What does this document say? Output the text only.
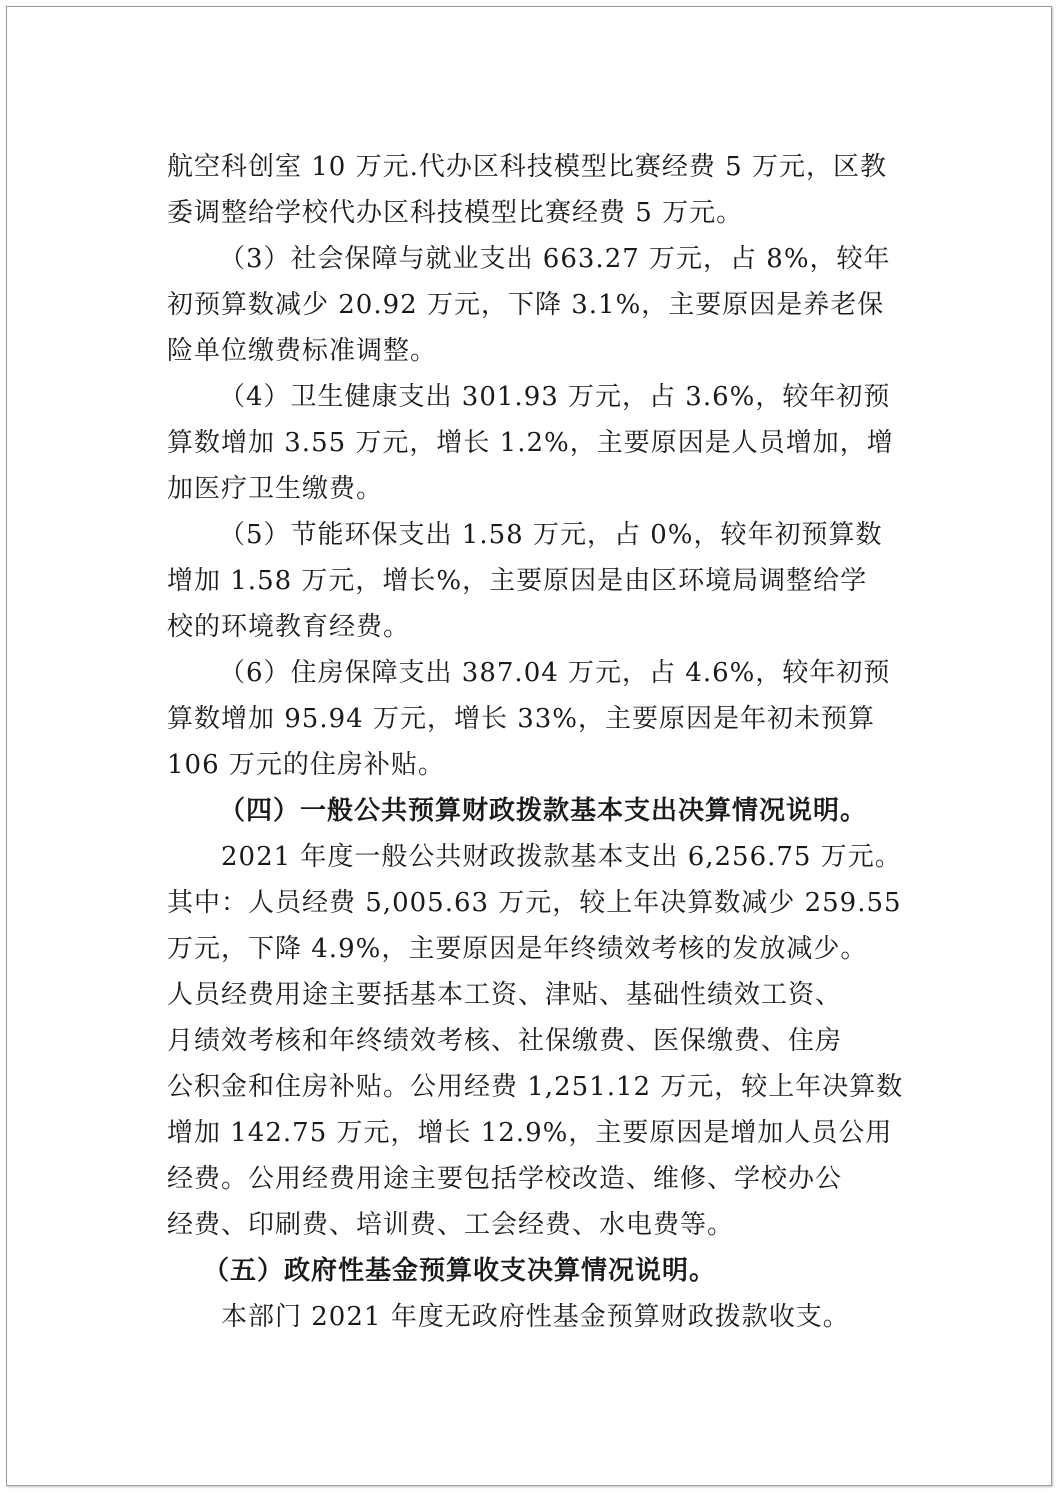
航空科创室 10 万元.代办区科技模型比赛经费 5 万元，区教
委调整给学校代办区科技模型比赛经费 5 万元。
（3）社会保障与就业支出 663.27 万元，占 8%，较年
初预算数减少 20.92 万元，下降 3.1%，主要原因是养老保
险单位缴费标准调整。
（4）卫生健康支出 301.93 万元，占 3.6%，较年初预
算数增加 3.55 万元，增长 1.2%，主要原因是人员增加，增
加医疗卫生缴费。
（5）节能环保支出 1.58 万元，占 0%，较年初预算数
增加 1.58 万元，增长%，主要原因是由区环境局调整给学
校的环境教育经费。
（6）住房保障支出 387.04 万元，占 4.6%，较年初预
算数增加 95.94 万元，增长 33%，主要原因是年初未预算
106 万元的住房补贴。
（四）一般公共预算财政拨款基本支出决算情况说明。
2021 年度一般公共财政拨款基本支出 6,256.75 万元。
其中：人员经费 5,005.63 万元，较上年决算数减少 259.55
万元，下降 4.9%，主要原因是年终绩效考核的发放减少。
人员经费用途主要括基本工资、津贴、基础性绩效工资、
月绩效考核和年终绩效考核、社保缴费、医保缴费、住房
公积金和住房补贴。公用经费 1,251.12 万元，较上年决算数
增加 142.75 万元，增长 12.9%，主要原因是增加人员公用
经费。公用经费用途主要包括学校改造、维修、学校办公
经费、印刷费、培训费、工会经费、水电费等。
（五）政府性基金预算收支决算情况说明。
本部门 2021 年度无政府性基金预算财政拨款收支。
